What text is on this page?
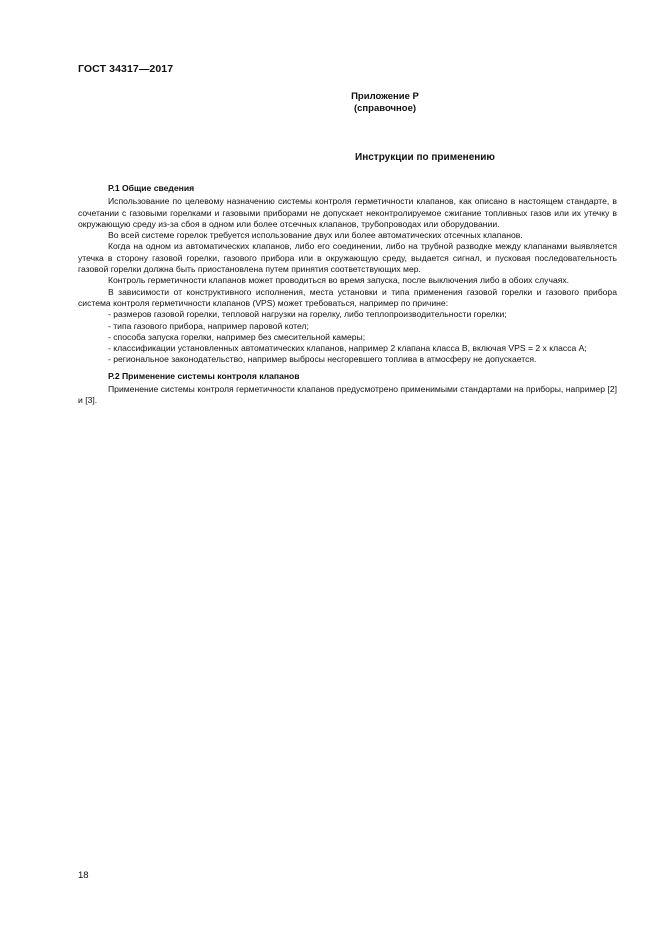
ГОСТ 34317—2017
Приложение Р
(справочное)
Инструкции по применению
Р.1 Общие сведения

Использование по целевому назначению системы контроля герметичности клапанов, как описано в настоящем стандарте, в сочетании с газовыми горелками и газовыми приборами не допускает неконтролируемое сжигание топливных газов или их утечку в окружающую среду из-за сбоя в одном или более отсечных клапанов, трубопроводах или оборудовании.

Во всей системе горелок требуется использование двух или более автоматических отсечных клапанов.

Когда на одном из автоматических клапанов, либо его соединении, либо на трубной разводке между клапанами выявляется утечка в сторону газовой горелки, газового прибора или в окружающую среду, выдается сигнал, и пусковая последовательность газовой горелки должна быть приостановлена путем принятия соответствующих мер.

Контроль герметичности клапанов может проводиться во время запуска, после выключения либо в обоих случаях.

В зависимости от конструктивного исполнения, места установки и типа применения газовой горелки и газового прибора система контроля герметичности клапанов (VPS) может требоваться, например по причине:

- размеров газовой горелки, тепловой нагрузки на горелку, либо теплопроизводительности горелки;

- типа газового прибора, например паровой котел;

- способа запуска горелки, например без смесительной камеры;

- классификации установленных автоматических клапанов, например 2 клапана класса B, включая VPS = 2 x класса А;

- региональное законодательство, например выбросы несгоревшего топлива в атмосферу не допускается.

Р.2 Применение системы контроля клапанов

Применение системы контроля герметичности клапанов предусмотрено применимыми стандартами на приборы, например [2] и [3].

18
